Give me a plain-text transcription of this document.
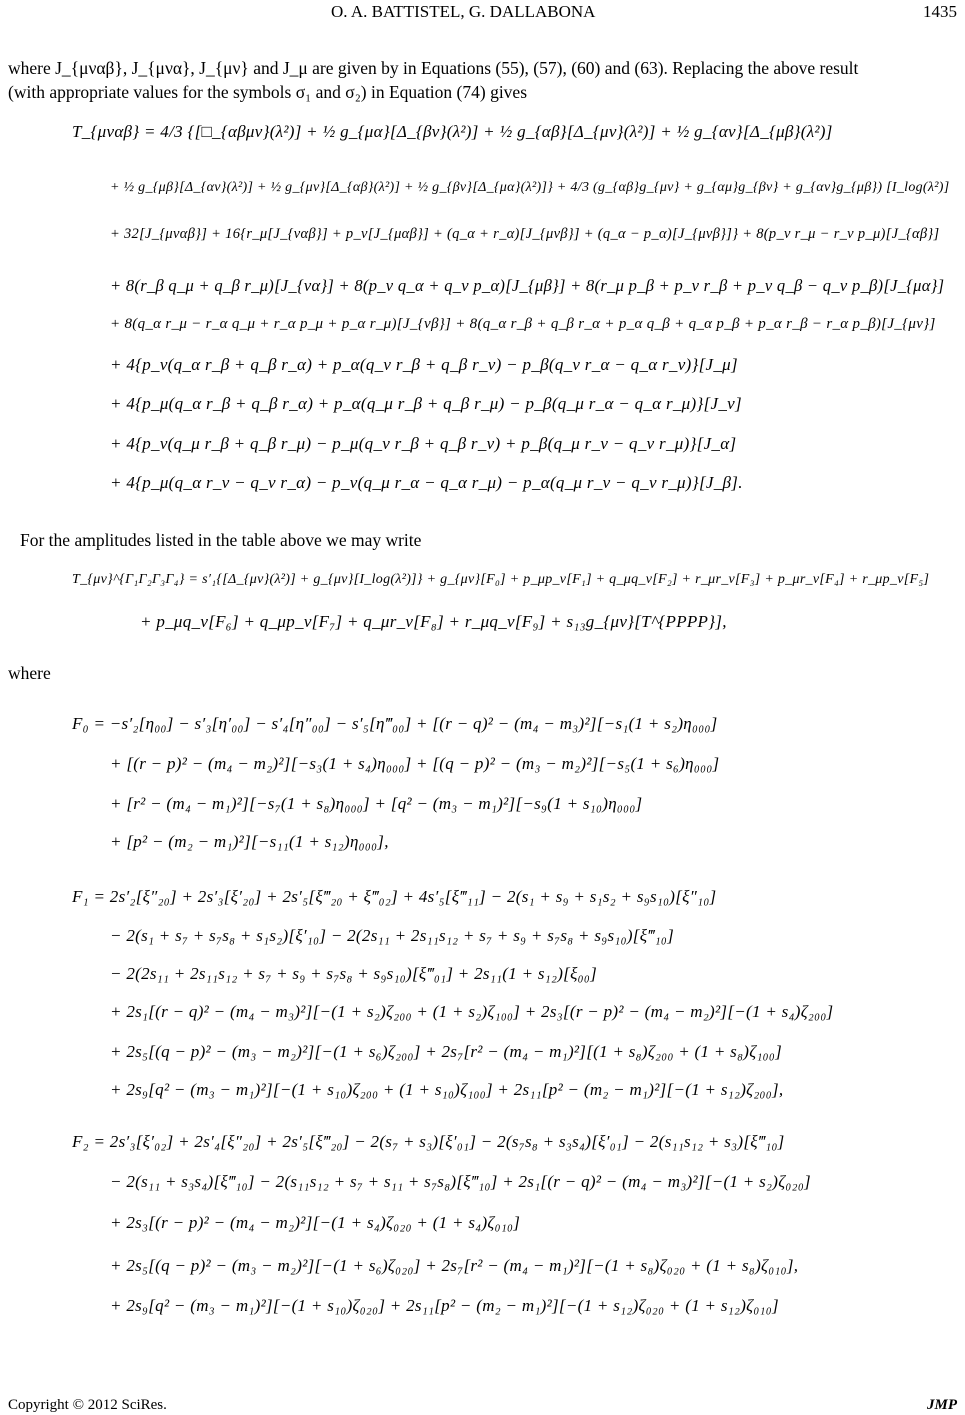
O. A. BATTISTEL, G. DALLABONA	1435
where J_{μναβ}, J_{μνα}, J_{μν} and J_μ are given by in Equations (55), (57), (60) and (63). Replacing the above result
(with appropriate values for the symbols σ₁ and σ₂) in Equation (74) gives
T_{μναβ} = 4/3 {[□_{αβμν}(λ²)] + ½ g_{μα}[Δ_{βν}(λ²)] + ½ g_{αβ}[Δ_{μν}(λ²)] + ½ g_{αν}[Δ_{μβ}(λ²)]
+ ½ g_{μβ}[Δ_{αν}(λ²)] + ½ g_{μν}[Δ_{αβ}(λ²)] + ½ g_{βν}[Δ_{μα}(λ²)]} + 4/3 (g_{αβ}g_{μν} + g_{αμ}g_{βν} + g_{αν}g_{μβ}) [I_log(λ²)]
+ 32[J_{μναβ}] + 16{r_μ[J_{ναβ}] + p_ν[J_{μαβ}] + (q_α + r_α)[J_{μνβ}] + (q_α − p_α)[J_{μνβ}]} + 8(p_ν r_μ − r_ν p_μ)[J_{αβ}]
+ 8(r_β q_μ + q_β r_μ)[J_{να}] + 8(p_ν q_α + q_ν p_α)[J_{μβ}] + 8(r_μ p_β + p_ν r_β + p_ν q_β − q_ν p_β)[J_{μα}]
+ 8(q_α r_μ − r_α q_μ + r_α p_μ + p_α r_μ)[J_{νβ}] + 8(q_α r_β + q_β r_α + p_α q_β + q_α p_β + p_α r_β − r_α p_β)[J_{μν}]
+ 4{p_ν(q_α r_β + q_β r_α) + p_α(q_ν r_β + q_β r_ν) − p_β(q_ν r_α − q_α r_ν)}[J_μ]
+ 4{p_μ(q_α r_β + q_β r_α) + p_α(q_μ r_β + q_β r_μ) − p_β(q_μ r_α − q_α r_μ)}[J_ν]
+ 4{p_ν(q_μ r_β + q_β r_μ) − p_μ(q_ν r_β + q_β r_ν) + p_β(q_μ r_ν − q_ν r_μ)}[J_α]
+ 4{p_μ(q_α r_ν − q_ν r_α) − p_ν(q_μ r_α − q_α r_μ) − p_α(q_μ r_ν − q_ν r_μ)}[J_β].
For the amplitudes listed in the table above we may write
T_{μν}^{Γ₁Γ₂Γ₃Γ₄} = s′₁{[Δ_{μν}(λ²)] + g_{μν}[I_log(λ²)]} + g_{μν}[F₀] + p_μp_ν[F₁] + q_μq_ν[F₂] + r_μr_ν[F₃] + p_μr_ν[F₄] + r_μp_ν[F₅]
+ p_μq_ν[F₆] + q_μp_ν[F₇] + q_μr_ν[F₈] + r_μq_ν[F₉] + s₁₃g_{μν}[T^{PPPP}],
where
F₀ = −s′₂[η₀₀] − s′₃[η′₀₀] − s′₄[η″₀₀] − s′₅[η‴₀₀] + [(r − q)² − (m₄ − m₃)²][−s₁(1 + s₂)η₀₀₀]
+ [(r − p)² − (m₄ − m₂)²][−s₃(1 + s₄)η₀₀₀] + [(q − p)² − (m₃ − m₂)²][−s₅(1 + s₆)η₀₀₀]
+ [r² − (m₄ − m₁)²][−s₇(1 + s₈)η₀₀₀] + [q² − (m₃ − m₁)²][−s₉(1 + s₁₀)η₀₀₀]
+ [p² − (m₂ − m₁)²][−s₁₁(1 + s₁₂)η₀₀₀],
F₁ = 2s′₂[ξ″₂₀] + 2s′₃[ξ′₂₀] + 2s′₅[ξ‴₂₀ + ξ‴₀₂] + 4s′₅[ξ‴₁₁] − 2(s₁ + s₉ + s₁s₂ + s₉s₁₀)[ξ″₁₀]
− 2(s₁ + s₇ + s₇s₈ + s₁s₂)[ξ′₁₀] − 2(2s₁₁ + 2s₁₁s₁₂ + s₇ + s₉ + s₇s₈ + s₉s₁₀)[ξ‴₁₀]
− 2(2s₁₁ + 2s₁₁s₁₂ + s₇ + s₉ + s₇s₈ + s₉s₁₀)[ξ‴₀₁] + 2s₁₁(1 + s₁₂)[ξ₀₀]
+ 2s₁[(r − q)² − (m₄ − m₃)²][−(1 + s₂)ζ₂₀₀ + (1 + s₂)ζ₁₀₀] + 2s₃[(r − p)² − (m₄ − m₂)²][−(1 + s₄)ζ₂₀₀]
+ 2s₅[(q − p)² − (m₃ − m₂)²][−(1 + s₆)ζ₂₀₀] + 2s₇[r² − (m₄ − m₁)²][(1 + s₈)ζ₂₀₀ + (1 + s₈)ζ₁₀₀]
+ 2s₉[q² − (m₃ − m₁)²][−(1 + s₁₀)ζ₂₀₀ + (1 + s₁₀)ζ₁₀₀] + 2s₁₁[p² − (m₂ − m₁)²][−(1 + s₁₂)ζ₂₀₀],
F₂ = 2s′₃[ξ′₀₂] + 2s′₄[ξ″₂₀] + 2s′₅[ξ‴₂₀] − 2(s₇ + s₃)[ξ′₀₁] − 2(s₇s₈ + s₃s₄)[ξ′₀₁] − 2(s₁₁s₁₂ + s₃)[ξ‴₁₀]
− 2(s₁₁ + s₃s₄)[ξ‴₁₀] − 2(s₁₁s₁₂ + s₇ + s₁₁ + s₇s₈)[ξ‴₁₀] + 2s₁[(r − q)² − (m₄ − m₃)²][−(1 + s₂)ζ₀₂₀]
+ 2s₃[(r − p)² − (m₄ − m₂)²][−(1 + s₄)ζ₀₂₀ + (1 + s₄)ζ₀₁₀]
+ 2s₅[(q − p)² − (m₃ − m₂)²][−(1 + s₆)ζ₀₂₀] + 2s₇[r² − (m₄ − m₁)²][−(1 + s₈)ζ₀₂₀ + (1 + s₈)ζ₀₁₀],
+ 2s₉[q² − (m₃ − m₁)²][−(1 + s₁₀)ζ₀₂₀] + 2s₁₁[p² − (m₂ − m₁)²][−(1 + s₁₂)ζ₀₂₀ + (1 + s₁₂)ζ₀₁₀]
Copyright © 2012 SciRes.	JMP
